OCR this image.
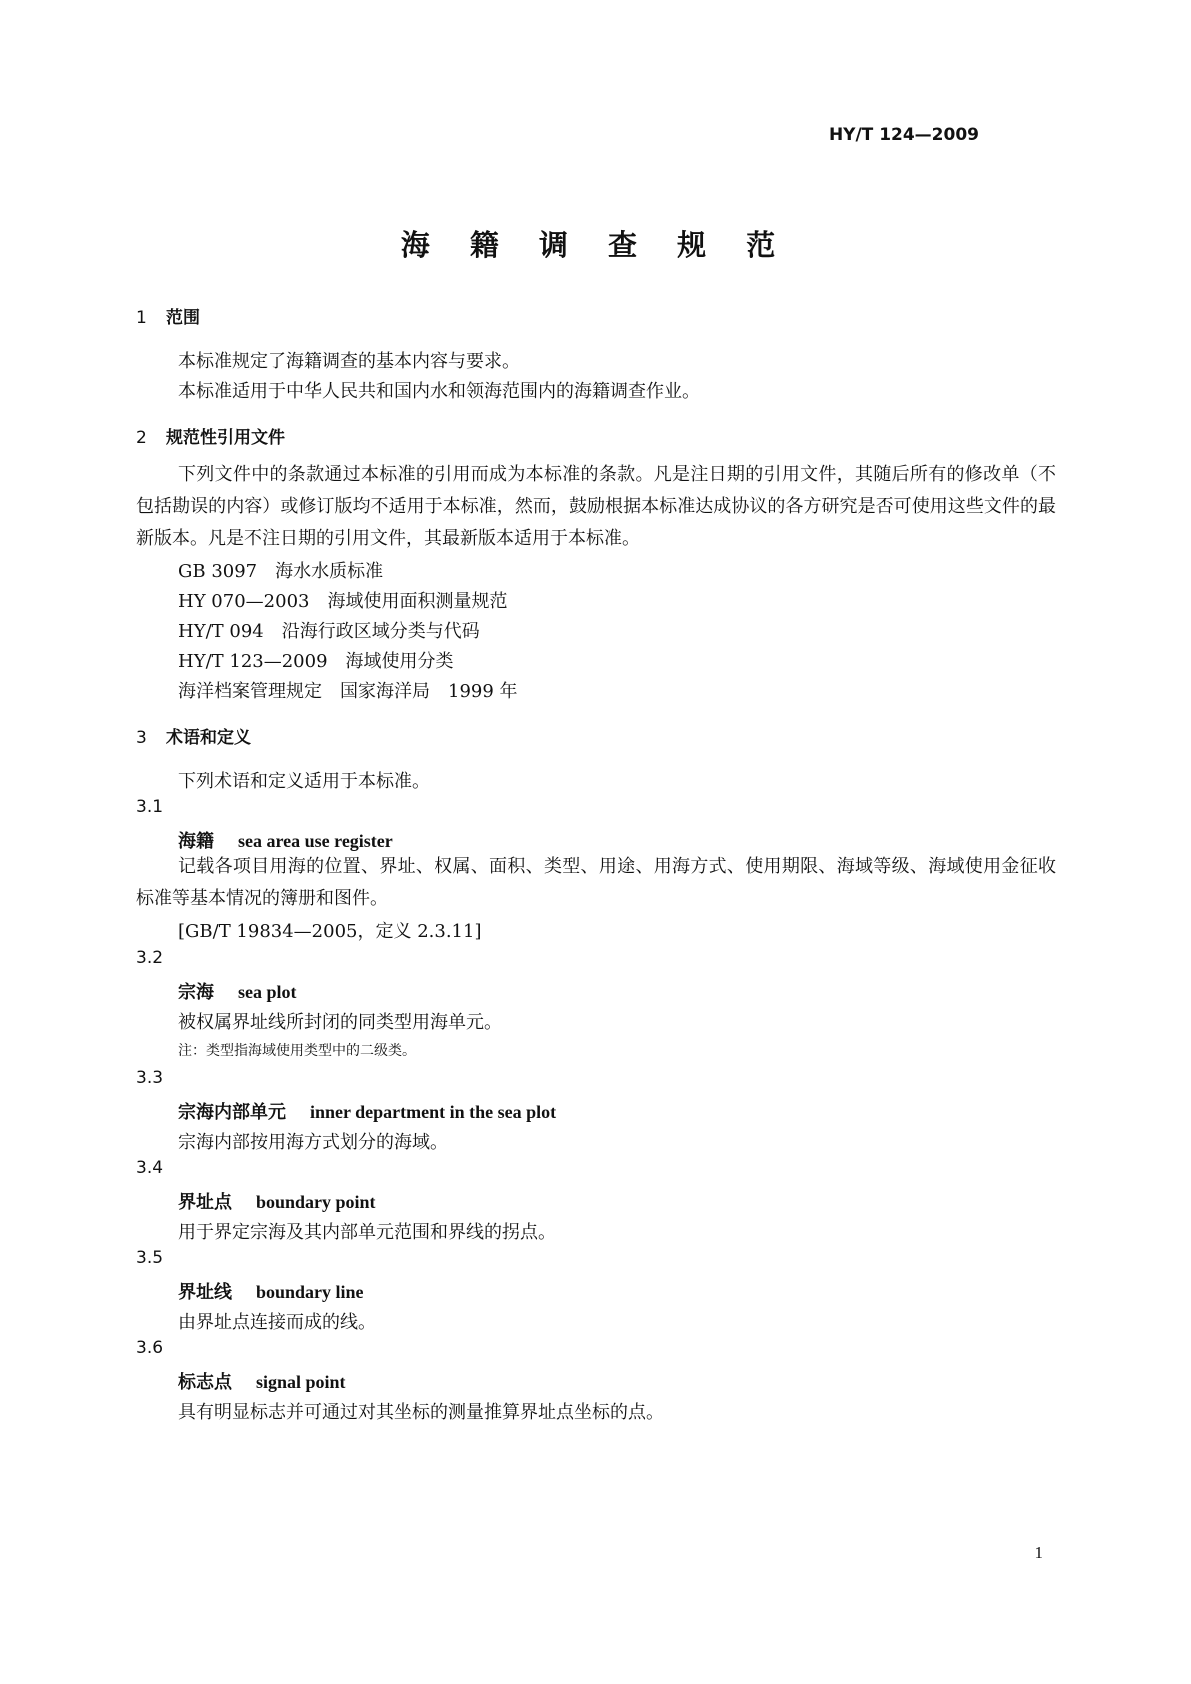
HY/T 124—2009
海 籍 调 查 规 范
1 范围
本标准规定了海籍调查的基本内容与要求。
本标准适用于中华人民共和国内水和领海范围内的海籍调查作业。
2 规范性引用文件
下列文件中的条款通过本标准的引用而成为本标准的条款。凡是注日期的引用文件，其随后所有的修改单（不包括勘误的内容）或修订版均不适用于本标准，然而，鼓励根据本标准达成协议的各方研究是否可使用这些文件的最新版本。凡是不注日期的引用文件，其最新版本适用于本标准。
GB 3097　 海水水质标准
HY 070—2003　 海域使用面积测量规范
HY/T 094　 沿海行政区域分类与代码
HY/T 123—2009　 海域使用分类
海洋档案管理规定　 国家海洋局　1999 年
3 术语和定义
下列术语和定义适用于本标准。
3.1
海籍 sea area use register
记载各项目用海的位置、界址、权属、面积、类型、用途、用海方式、使用期限、海域等级、海域使用金征收标准等基本情况的簿册和图件。
[GB/T 19834—2005，定义 2.3.11]
3.2
宗海 sea plot
被权属界址线所封闭的同类型用海单元。
注：类型指海域使用类型中的二级类。
3.3
宗海内部单元 inner department in the sea plot
宗海内部按用海方式划分的海域。
3.4
界址点 boundary point
用于界定宗海及其内部单元范围和界线的拐点。
3.5
界址线 boundary line
由界址点连接而成的线。
3.6
标志点 signal point
具有明显标志并可通过对其坐标的测量推算界址点坐标的点。
1
